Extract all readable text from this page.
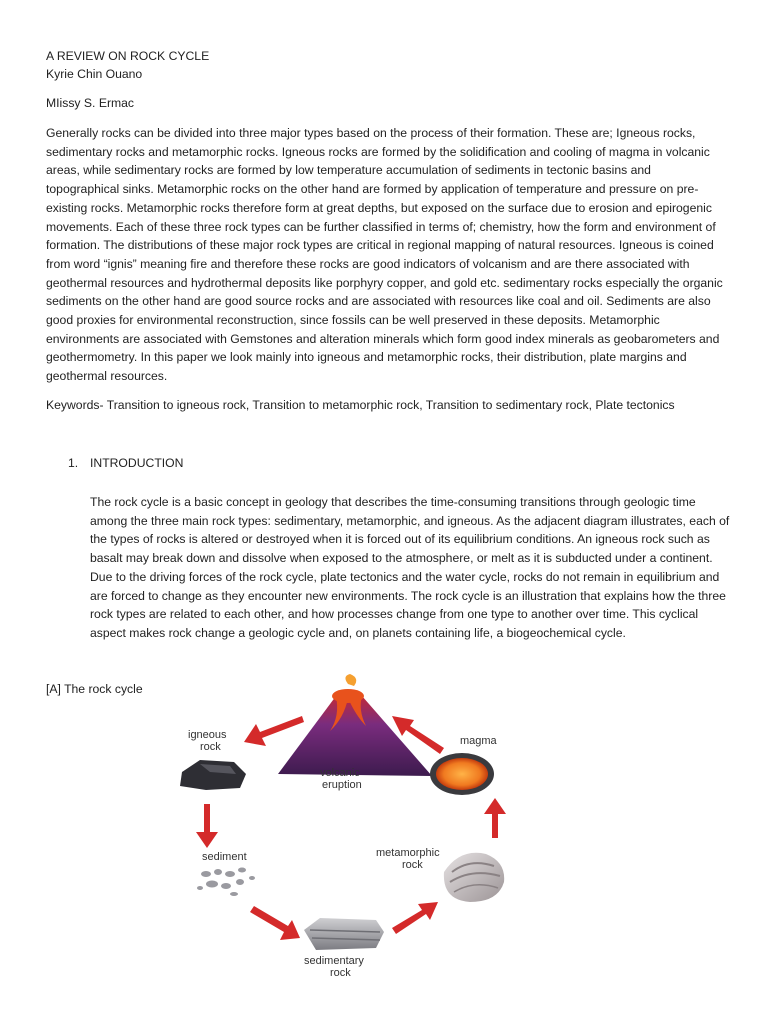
A REVIEW ON ROCK CYCLE
Kyrie Chin Ouano
MIissy S. Ermac

Generally rocks can be divided into three major types based on the process of their formation. These are; Igneous rocks, sedimentary rocks and metamorphic rocks. Igneous rocks are formed by the solidification and cooling of magma in volcanic areas, while sedimentary rocks are formed by low temperature accumulation of sediments in tectonic basins and topographical sinks. Metamorphic rocks on the other hand are formed by application of temperature and pressure on pre-existing rocks. Metamorphic rocks therefore form at great depths, but exposed on the surface due to erosion and epirogenic movements. Each of these three rock types can be further classified in terms of; chemistry, how the form and environment of formation. The distributions of these major rock types are critical in regional mapping of natural resources. Igneous is coined from word “ignis” meaning fire and therefore these rocks are good indicators of volcanism and are there associated with geothermal resources and hydrothermal deposits like porphyry copper, and gold etc. sedimentary rocks especially the organic sediments on the other hand are good source rocks and are associated with resources like coal and oil. Sediments are also good proxies for environmental reconstruction, since fossils can be well preserved in these deposits. Metamorphic environments are associated with Gemstones and alteration minerals which form good index minerals as geobarometers and geothermometry. In this paper we look mainly into igneous and metamorphic rocks, their distribution, plate margins and geothermal resources.

Keywords- Transition to igneous rock, Transition to metamorphic rock, Transition to sedimentary rock, Plate tectonics

1. INTRODUCTION

The rock cycle is a basic concept in geology that describes the time-consuming transitions through geologic time among the three main rock types: sedimentary, metamorphic, and igneous. As the adjacent diagram illustrates, each of the types of rocks is altered or destroyed when it is forced out of its equilibrium conditions. An igneous rock such as basalt may break down and dissolve when exposed to the atmosphere, or melt as it is subducted under a continent. Due to the driving forces of the rock cycle, plate tectonics and the water cycle, rocks do not remain in equilibrium and are forced to change as they encounter new environments. The rock cycle is an illustration that explains how the three rock types are related to each other, and how processes change from one type to another over time. This cyclical aspect makes rock change a geologic cycle and, on planets containing life, a biogeochemical cycle.

[A] The rock cycle
volcanic
eruption
igneous
rock	magma
sediment	metamorphic
rock
sedimentary
rock
